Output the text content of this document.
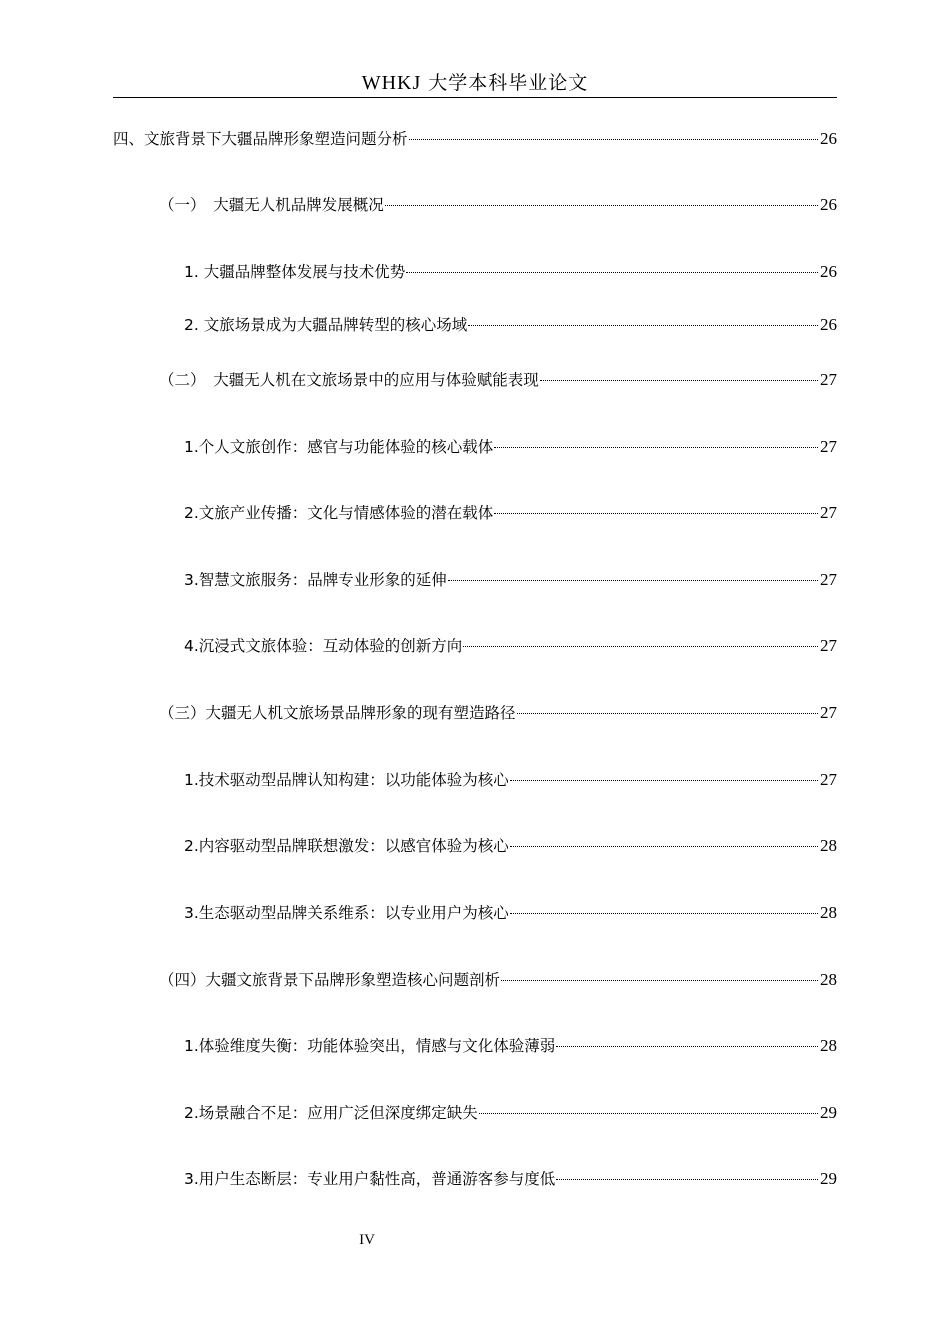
WHKJ 大学本科毕业论文
四、文旅背景下大疆品牌形象塑造问题分析	26
（一）　大疆无人机品牌发展概况	26
1. 大疆品牌整体发展与技术优势	26
2. 文旅场景成为大疆品牌转型的核心场域	26
（二）　大疆无人机在文旅场景中的应用与体验赋能表现	27
1.个人文旅创作：感官与功能体验的核心载体	27
2.文旅产业传播：文化与情感体验的潜在载体	27
3.智慧文旅服务：品牌专业形象的延伸	27
4.沉浸式文旅体验：互动体验的创新方向	27
（三）大疆无人机文旅场景品牌形象的现有塑造路径	27
1.技术驱动型品牌认知构建：以功能体验为核心	27
2.内容驱动型品牌联想激发：以感官体验为核心	28
3.生态驱动型品牌关系维系：以专业用户为核心	28
（四）大疆文旅背景下品牌形象塑造核心问题剖析	28
1.体验维度失衡：功能体验突出，情感与文化体验薄弱	28
2.场景融合不足：应用广泛但深度绑定缺失	29
3.用户生态断层：专业用户黏性高，普通游客参与度低	29
IV
